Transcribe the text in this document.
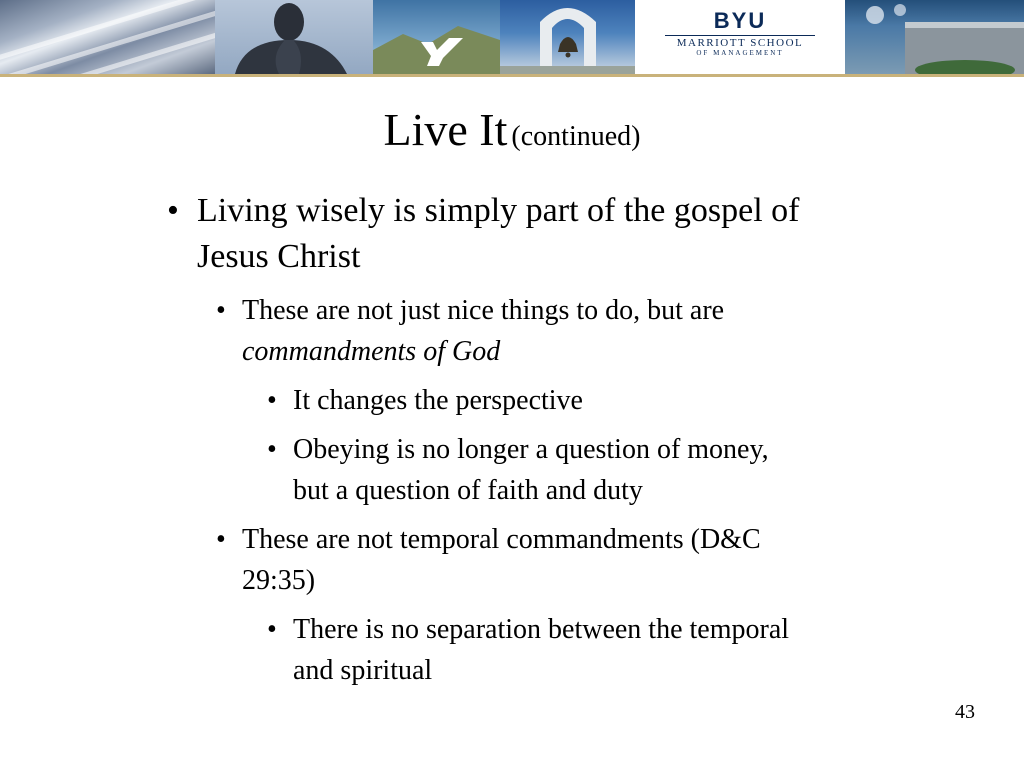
BYU
MARRIOTT SCHOOL
OF MANAGEMENT
Live It (continued)
• Living wisely is simply part of the gospel of
Jesus Christ
• These are not just nice things to do, but are
commandments of God
• It changes the perspective
• Obeying is no longer a question of money,
but a question of faith and duty
• These are not temporal commandments (D&C
29:35)
• There is no separation between the temporal
and spiritual
43
